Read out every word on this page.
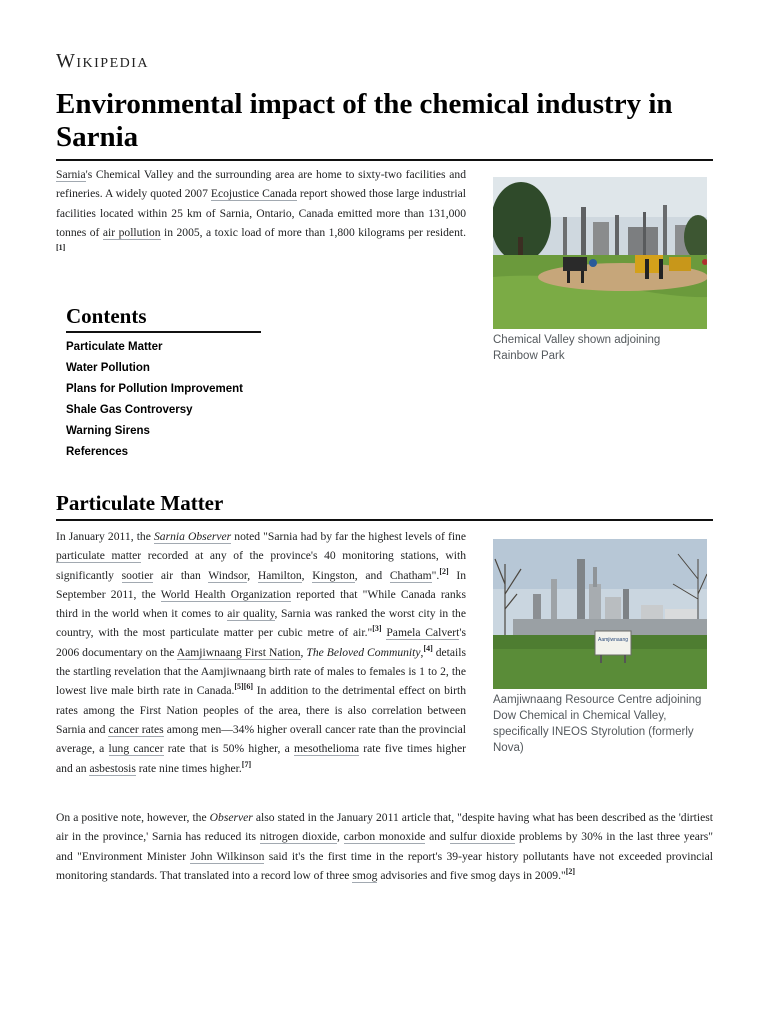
Wikipedia
Environmental impact of the chemical industry in Sarnia

Sarnia's Chemical Valley and the surrounding area are home to sixty-two facilities and refineries. A widely quoted 2007 Ecojustice Canada report showed those large industrial facilities located within 25 km of Sarnia, Ontario, Canada emitted more than 131,000 tonnes of air pollution in 2005, a toxic load of more than 1,800 kilograms per resident.[1]

Chemical Valley shown adjoining Rainbow Park
Contents
Particulate Matter
Water Pollution
Plans for Pollution Improvement
Shale Gas Controversy
Warning Sirens
References
Particulate Matter

In January 2011, the Sarnia Observer noted "Sarnia had by far the highest levels of fine particulate matter recorded at any of the province's 40 monitoring stations, with significantly sootier air than Windsor, Hamilton, Kingston, and Chatham".[2] In September 2011, the World Health Organization reported that "While Canada ranks third in the world when it comes to air quality, Sarnia was ranked the worst city in the country, with the most particulate matter per cubic metre of air."[3] Pamela Calvert's 2006 documentary on the Aamjiwnaang First Nation, The Beloved Community,[4] details the startling revelation that the Aamjiwnaang birth rate of males to females is 1 to 2, the lowest live male birth rate in Canada.[5][6] In addition to the detrimental effect on birth rates among the First Nation peoples of the area, there is also correlation between Sarnia and cancer rates among men—34% higher overall cancer rate than the provincial average, a lung cancer rate that is 50% higher, a mesothelioma rate five times higher and an asbestosis rate nine times higher.[7]

Aamjiwnaang
Aamjiwnaang Resource Centre adjoining Dow Chemical in Chemical Valley, specifically INEOS Styrolution (formerly Nova)

On a positive note, however, the Observer also stated in the January 2011 article that, "despite having what has been described as the 'dirtiest air in the province,' Sarnia has reduced its nitrogen dioxide, carbon monoxide and sulfur dioxide problems by 30% in the last three years" and "Environment Minister John Wilkinson said it's the first time in the report's 39-year history pollutants have not exceeded provincial monitoring standards. That translated into a record low of three smog advisories and five smog days in 2009."[2]
